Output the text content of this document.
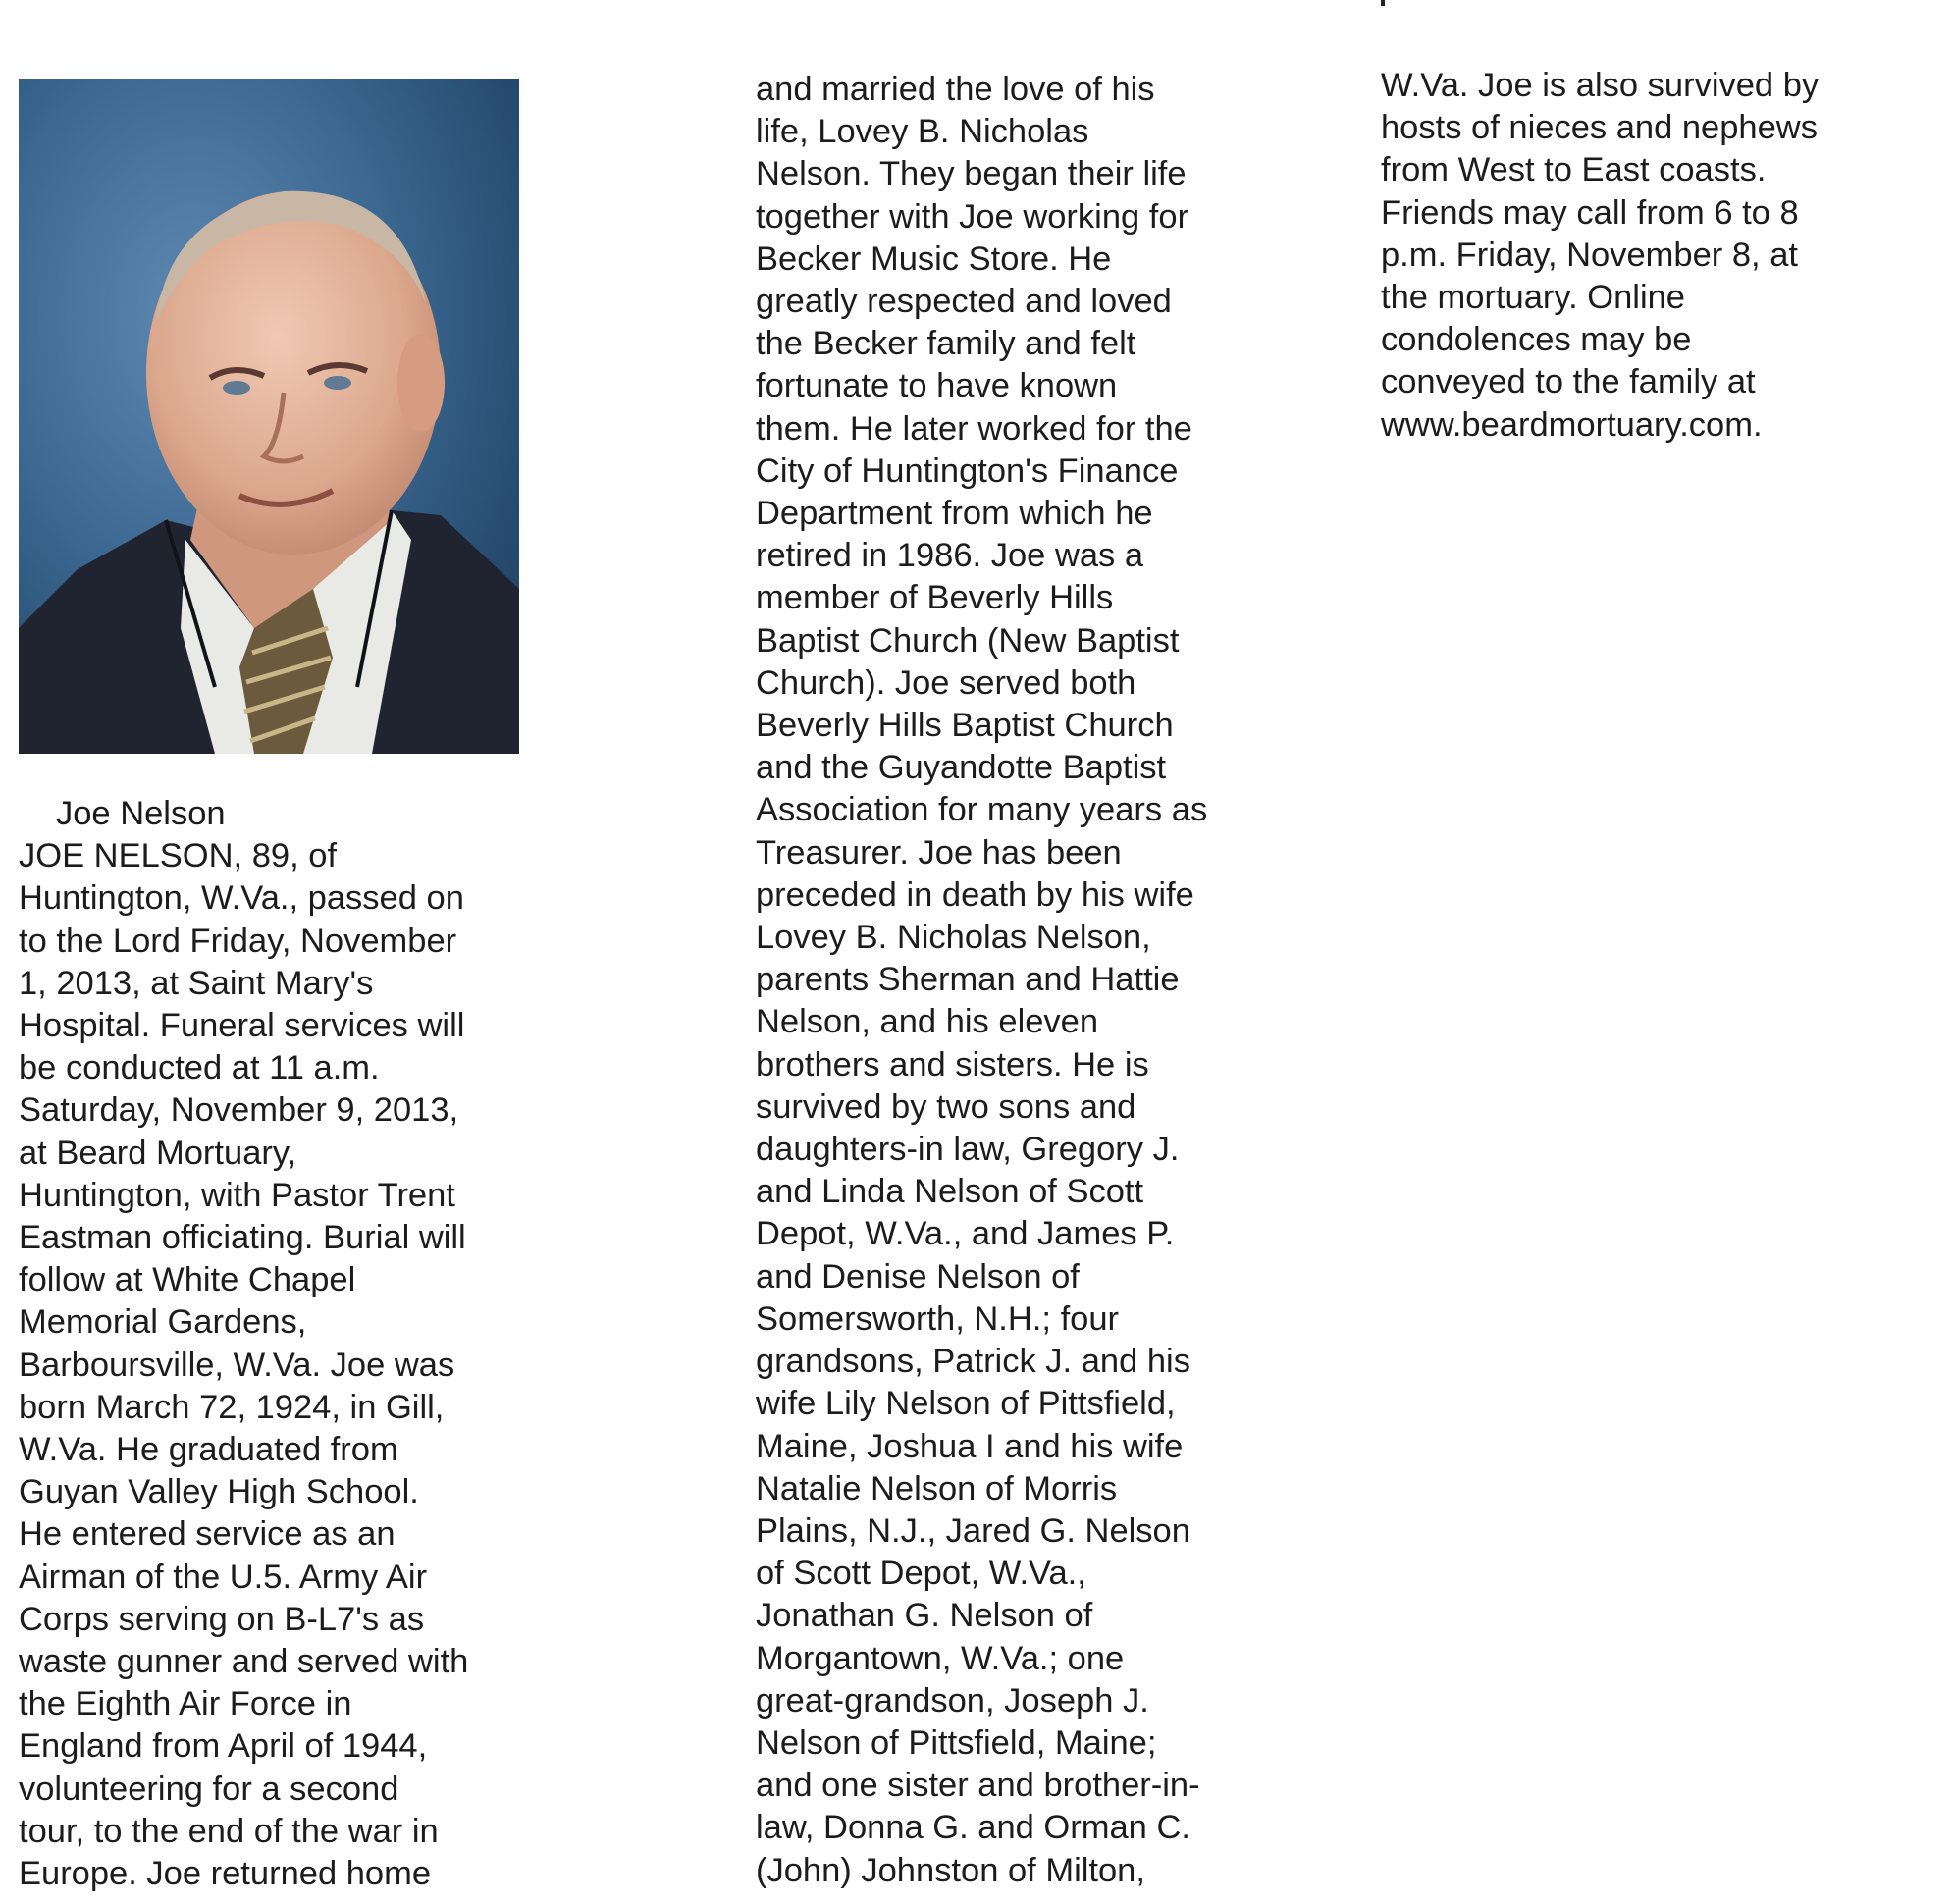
Joe Nelson

JOE NELSON, 89, of
Huntington, W.Va., passed on
to the Lord Friday, November
1, 2013, at Saint Mary's
Hospital. Funeral services will
be conducted at 11 a.m.
Saturday, November 9, 2013,
at Beard Mortuary,
Huntington, with Pastor Trent
Eastman officiating. Burial will
follow at White Chapel
Memorial Gardens,
Barboursville, W.Va. Joe was
born March 72, 1924, in Gill,
W.Va. He graduated from
Guyan Valley High School.
He entered service as an
Airman of the U.5. Army Air
Corps serving on B-L7's as
waste gunner and served with
the Eighth Air Force in
England from April of 1944,
volunteering for a second
tour, to the end of the war in
Europe. Joe returned home

and married the love of his
life, Lovey B. Nicholas
Nelson. They began their life
together with Joe working for
Becker Music Store. He
greatly respected and loved
the Becker family and felt
fortunate to have known
them. He later worked for the
City of Huntington's Finance
Department from which he
retired in 1986. Joe was a
member of Beverly Hills
Baptist Church (New Baptist
Church). Joe served both
Beverly Hills Baptist Church
and the Guyandotte Baptist
Association for many years as
Treasurer. Joe has been
preceded in death by his wife
Lovey B. Nicholas Nelson,
parents Sherman and Hattie
Nelson, and his eleven
brothers and sisters. He is
survived by two sons and
daughters-in law, Gregory J.
and Linda Nelson of Scott
Depot, W.Va., and James P.
and Denise Nelson of
Somersworth, N.H.; four
grandsons, Patrick J. and his
wife Lily Nelson of Pittsfield,
Maine, Joshua I and his wife
Natalie Nelson of Morris
Plains, N.J., Jared G. Nelson
of Scott Depot, W.Va.,
Jonathan G. Nelson of
Morgantown, W.Va.; one
great-grandson, Joseph J.
Nelson of Pittsfield, Maine;
and one sister and brother-in-
law, Donna G. and Orman C.
(John) Johnston of Milton,

W.Va. Joe is also survived by
hosts of nieces and nephews
from West to East coasts.
Friends may call from 6 to 8
p.m. Friday, November 8, at
the mortuary. Online
condolences may be
conveyed to the family at
www.beardmortuary.com.
